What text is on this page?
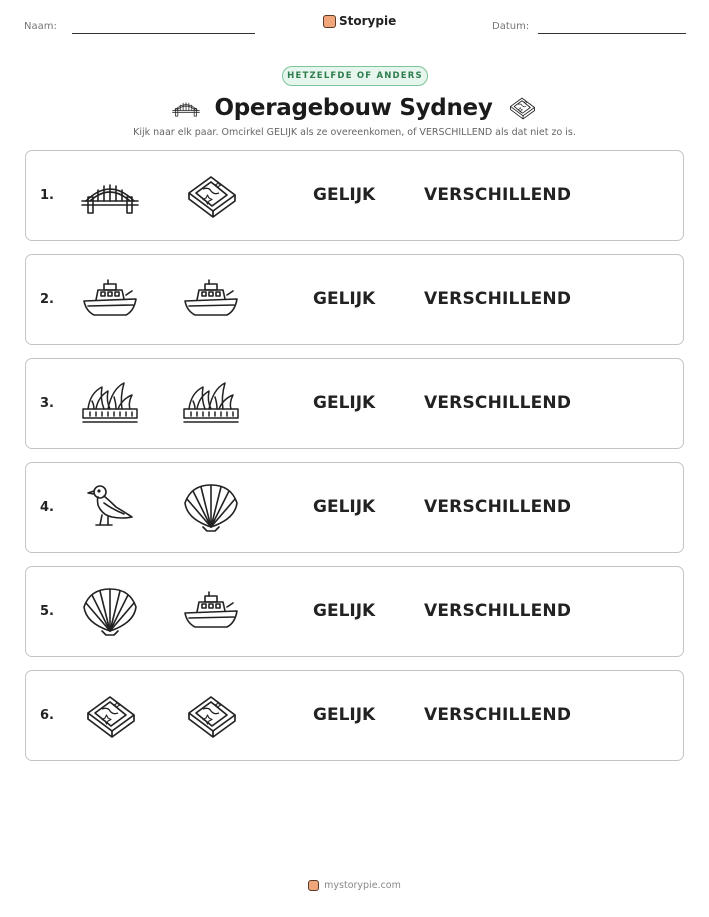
Naam:	Storypie	Datum:
HETZELFDE OF ANDERS
Operagebouw Sydney
Kijk naar elk paar. Omcirkel GELIJK als ze overeenkomen, of VERSCHILLEND als dat niet zo is.
1.	GELIJK	VERSCHILLEND
2.	GELIJK	VERSCHILLEND
3.	GELIJK	VERSCHILLEND
4.	GELIJK	VERSCHILLEND
5.	GELIJK	VERSCHILLEND
6.	GELIJK	VERSCHILLEND
mystorypie.com
